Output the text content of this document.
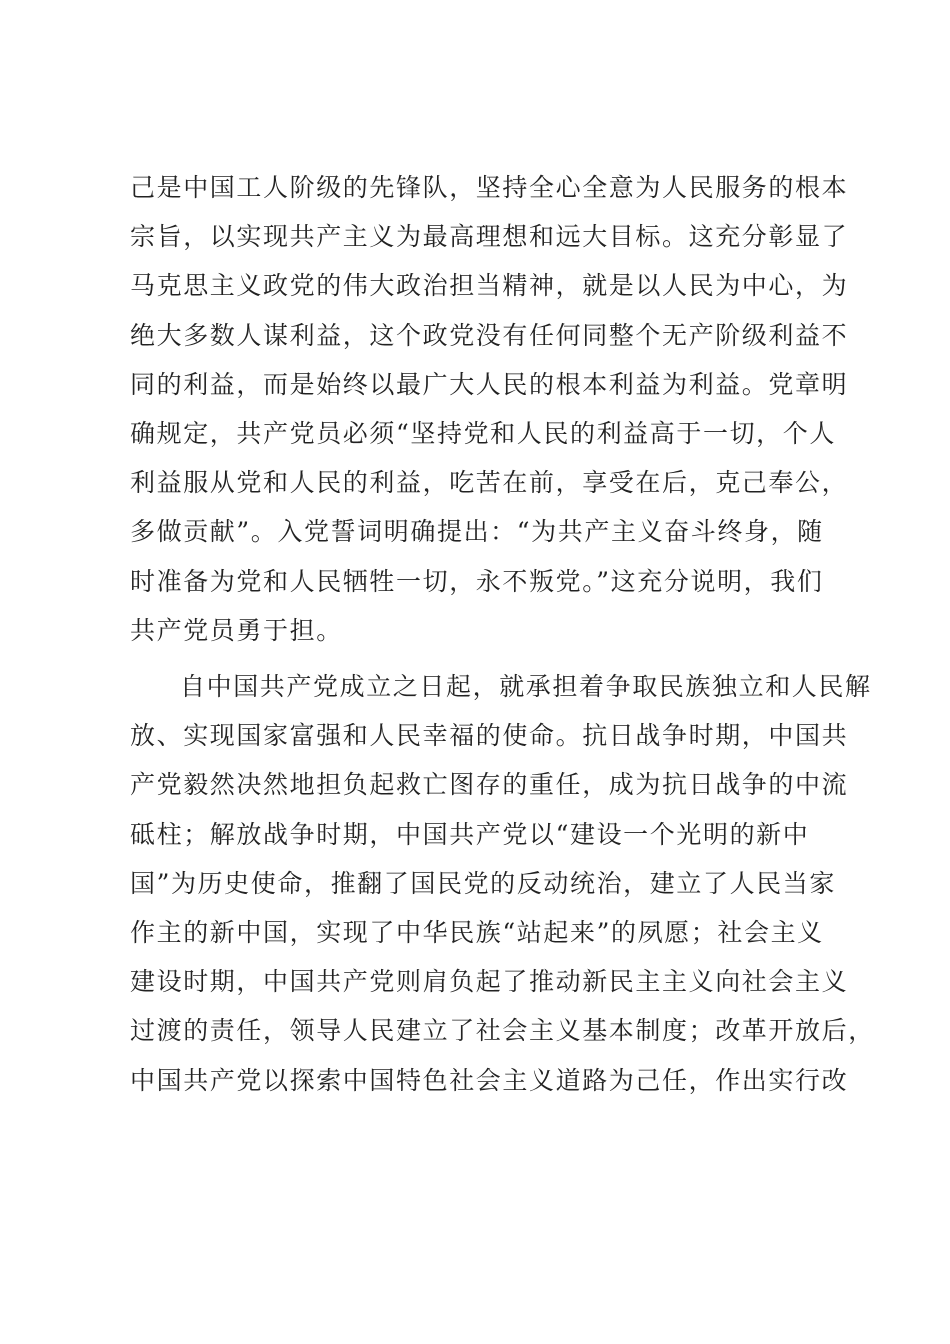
己是中国工人阶级的先锋队，坚持全心全意为人民服务的根本
宗旨，以实现共产主义为最高理想和远大目标。这充分彰显了
马克思主义政党的伟大政治担当精神，就是以人民为中心，为
绝大多数人谋利益，这个政党没有任何同整个无产阶级利益不
同的利益，而是始终以最广大人民的根本利益为利益。党章明
确规定，共产党员必须“坚持党和人民的利益高于一切，个人
利益服从党和人民的利益，吃苦在前，享受在后，克己奉公，
多做贡献”。入党誓词明确提出：“为共产主义奋斗终身，随
时准备为党和人民牺牲一切，永不叛党。”这充分说明，我们
共产党员勇于担。
自中国共产党成立之日起，就承担着争取民族独立和人民解
放、实现国家富强和人民幸福的使命。抗日战争时期，中国共
产党毅然决然地担负起救亡图存的重任，成为抗日战争的中流
砥柱；解放战争时期，中国共产党以“建设一个光明的新中
国”为历史使命，推翻了国民党的反动统治，建立了人民当家
作主的新中国，实现了中华民族“站起来”的夙愿；社会主义
建设时期，中国共产党则肩负起了推动新民主主义向社会主义
过渡的责任，领导人民建立了社会主义基本制度；改革开放后，
中国共产党以探索中国特色社会主义道路为己任，作出实行改
